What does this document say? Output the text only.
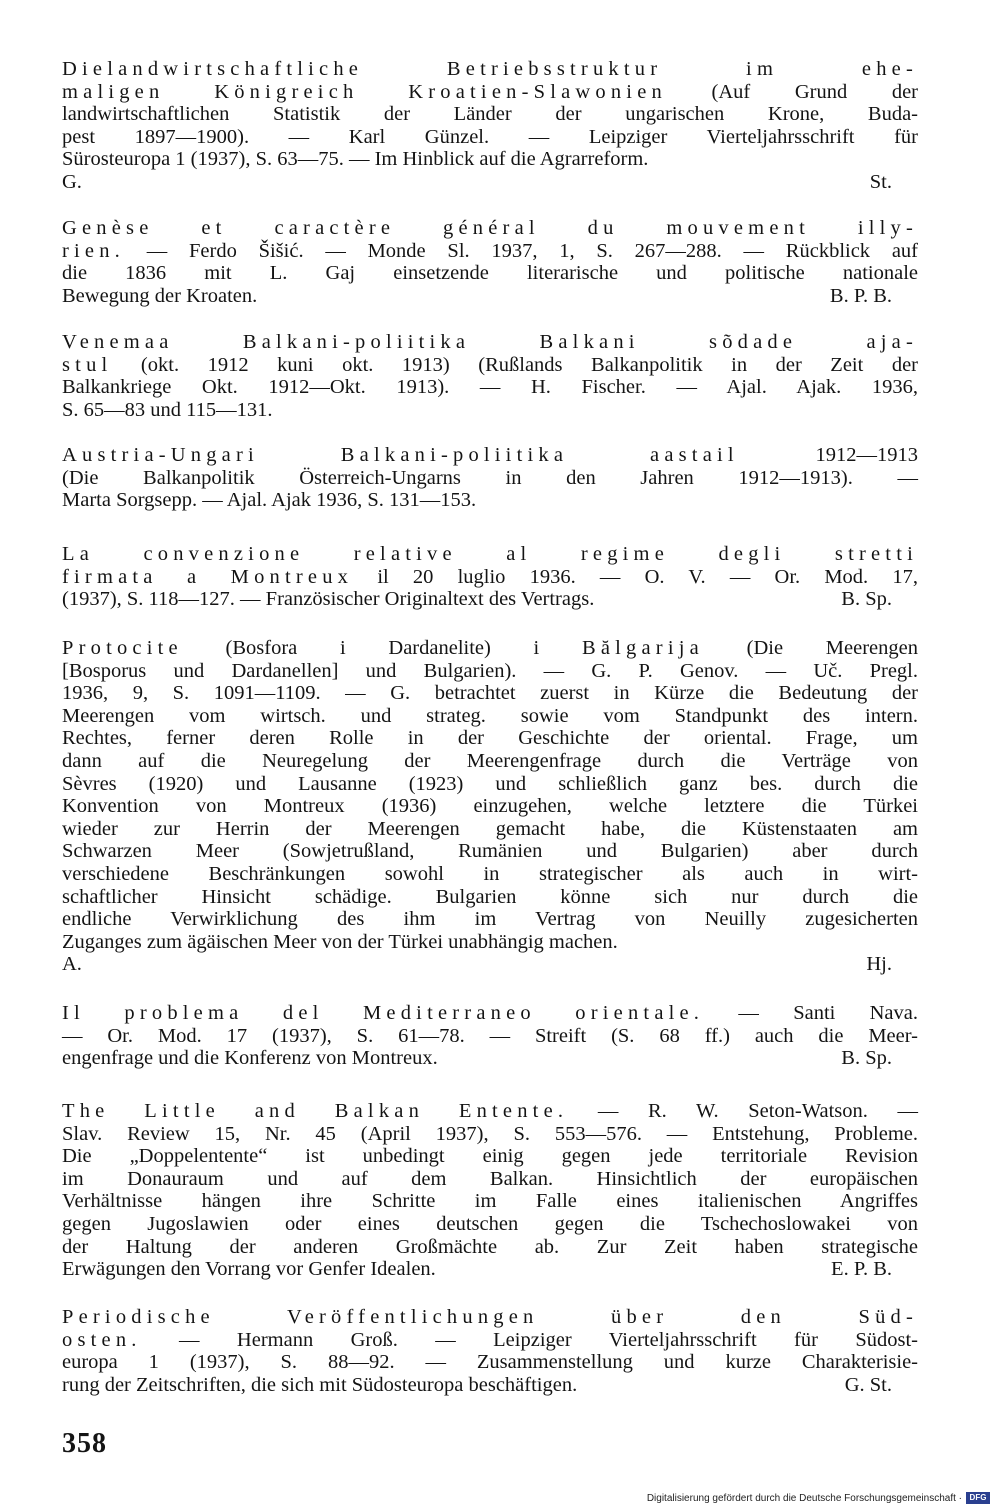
Dielandwirtschaftliche Betriebsstruktur im ehe-
maligen Königreich Kroatien-Slawonien (Auf Grund der
landwirtschaftlichen Statistik der Länder der ungarischen Krone, Buda-
pest 1897—1900). — Karl Günzel. — Leipziger Vierteljahrsschrift für
Sürosteuropa 1 (1937), S. 63—75. — Im Hinblick auf die Agrarreform.
G. St.
Genèse et caractère général du mouvement illy-
rien. — Ferdo Šišić. — Monde Sl. 1937, 1, S. 267—288. — Rückblick auf
die 1836 mit L. Gaj einsetzende literarische und politische nationale
Bewegung der Kroaten.	B. P. B.
Venemaa Balkani-poliitika Balkani sõdade aja-
stul (okt. 1912 kuni okt. 1913) (Rußlands Balkanpolitik in der Zeit der
Balkankriege Okt. 1912—Okt. 1913). — H. Fischer. — Ajal. Ajak. 1936,
S. 65—83 und 115—131.
Austria-Ungari Balkani-poliitika aastail 1912—1913
(Die Balkanpolitik Österreich-Ungarns in den Jahren 1912—1913). —
Marta Sorgsepp. — Ajal. Ajak 1936, S. 131—153.
La convenzione relative al regime degli stretti
firmata a Montreux il 20 luglio 1936. — O. V. — Or. Mod. 17,
(1937), S. 118—127. — Französischer Originaltext des Vertrags.	B. Sp.
Protocite (Bosfora i Dardanelite) i Bălgarija (Die Meerengen
[Bosporus und Dardanellen] und Bulgarien). — G. P. Genov. — Uč. Pregl.
1936, 9, S. 1091—1109. — G. betrachtet zuerst in Kürze die Bedeutung der
Meerengen vom wirtsch. und strateg. sowie vom Standpunkt des intern.
Rechtes, ferner deren Rolle in der Geschichte der oriental. Frage, um
dann auf die Neuregelung der Meerengenfrage durch die Verträge von
Sèvres (1920) und Lausanne (1923) und schließlich ganz bes. durch die
Konvention von Montreux (1936) einzugehen, welche letztere die Türkei
wieder zur Herrin der Meerengen gemacht habe, die Küstenstaaten am
Schwarzen Meer (Sowjetrußland, Rumänien und Bulgarien) aber durch
verschiedene Beschränkungen sowohl in strategischer als auch in wirt-
schaftlicher Hinsicht schädige. Bulgarien könne sich nur durch die
endliche Verwirklichung des ihm im Vertrag von Neuilly zugesicherten
Zuganges zum ägäischen Meer von der Türkei unabhängig machen.
A. Hj.
Il problema del Mediterraneo orientale. — Santi Nava.
— Or. Mod. 17 (1937), S. 61—78. — Streift (S. 68 ff.) auch die Meer-
engenfrage und die Konferenz von Montreux.	B. Sp.
The Little and Balkan Entente. — R. W. Seton-Watson. —
Slav. Review 15, Nr. 45 (April 1937), S. 553—576. — Entstehung, Probleme.
Die „Doppelentente“ ist unbedingt einig gegen jede territoriale Revision
im Donauraum und auf dem Balkan. Hinsichtlich der europäischen
Verhältnisse hängen ihre Schritte im Falle eines italienischen Angriffes
gegen Jugoslawien oder eines deutschen gegen die Tschechoslowakei von
der Haltung der anderen Großmächte ab. Zur Zeit haben strategische
Erwägungen den Vorrang vor Genfer Idealen.	E. P. B.
Periodische Veröffentlichungen über den Süd-
osten. — Hermann Groß. — Leipziger Vierteljahrsschrift für Südost-
europa 1 (1937), S. 88—92. — Zusammenstellung und kurze Charakterisie-
rung der Zeitschriften, die sich mit Südosteuropa beschäftigen.	G. St.
358
Digitalisierung gefördert durch die Deutsche Forschungsgemeinschaft · DFG
